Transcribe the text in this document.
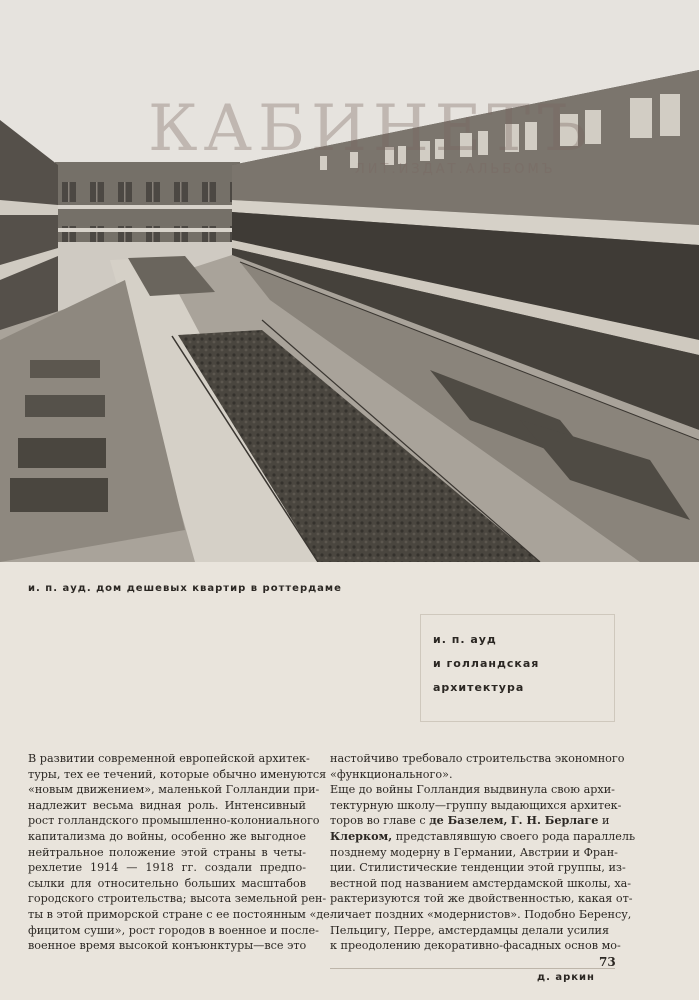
КАБИНЕТЪ
ЛИТ.ИЗДАТ.АЛЬБОМЪ
и. п. ауд. дом дешевых квартир в роттердаме
и. п. ауд
и голландская
архитектура
В развитии современной европейской архитек-
туры, тех ее течений, которые обычно именуются
«новым движением», маленькой Голландии при-
надлежит весьма видная роль. Интенсивный
рост голландского промышленно-колониального
капитализма до войны, особенно же выгодное
нейтральное положение этой страны в четы-
рехлетие 1914 — 1918 гг. создали предпо-
сылки для относительно больших масштабов
городского строительства; высота земельной рен-
ты в этой приморской стране с ее постоянным «де-
фицитом суши», рост городов в военное и после-
военное время высокой конъюнктуры—все это
настойчиво требовало строительства экономного
«функционального».
Еще до войны Голландия выдвинула свою архи-
тектурную школу—группу выдающихся архитек-
торов во главе с де Базелем, Г. Н. Берлаге и
Клерком, представлявшую своего рода параллель
позднему модерну в Германии, Австрии и Фран-
ции. Стилистические тенденции этой группы, из-
вестной под названием амстердамской школы, ха-
рактеризуются той же двойственностью, какая от-
личает поздних «модернистов». Подобно Беренсу,
Пельцигу, Перре, амстердамцы делали усилия
к преодолению декоративно-фасадных основ мо-
73
д. аркин
